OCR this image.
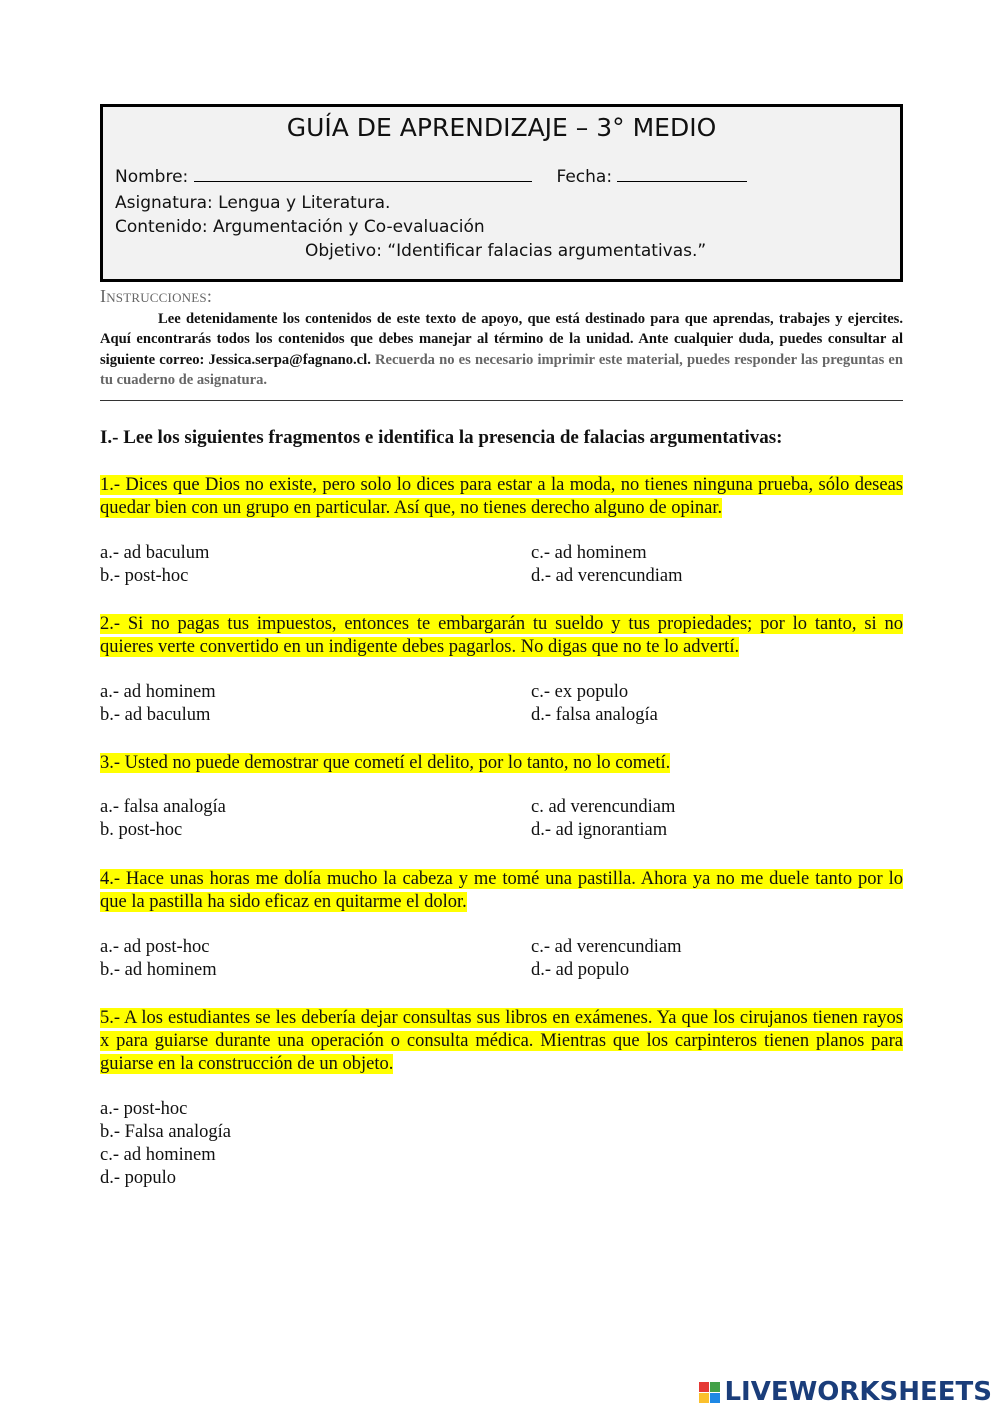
GUÍA DE APRENDIZAJE – 3° MEDIO
Nombre:	Fecha:
Asignatura: Lengua y Literatura.
Contenido: Argumentación y Co-evaluación
Objetivo: “Identificar falacias argumentativas.”
Instrucciones:
Lee detenidamente los contenidos de este texto de apoyo, que está destinado para que aprendas, trabajes y ejercites. Aquí encontrarás todos los contenidos que debes manejar al término de la unidad. Ante cualquier duda, puedes consultar al siguiente correo: Jessica.serpa@fagnano.cl. Recuerda no es necesario imprimir este material, puedes responder las preguntas en tu cuaderno de asignatura.
I.- Lee los siguientes fragmentos e identifica la presencia de falacias argumentativas:
1.- Dices que Dios no existe, pero solo lo dices para estar a la moda, no tienes ninguna prueba, sólo deseas quedar bien con un grupo en particular. Así que, no tienes derecho alguno de opinar.
a.- ad baculum
b.- post-hoc
c.- ad hominem
d.- ad verencundiam
2.- Si no pagas tus impuestos, entonces te embargarán tu sueldo y tus propiedades; por lo tanto, si no quieres verte convertido en un indigente debes pagarlos. No digas que no te lo advertí.
a.- ad hominem
b.- ad baculum
c.- ex populo
d.- falsa analogía
3.- Usted no puede demostrar que cometí el delito, por lo tanto, no lo cometí.
a.- falsa analogía
b. post-hoc
c. ad verencundiam
d.- ad ignorantiam
4.- Hace unas horas me dolía mucho la cabeza y me tomé una pastilla. Ahora ya no me duele tanto por lo que la pastilla ha sido eficaz en quitarme el dolor.
a.- ad post-hoc
b.- ad hominem
c.- ad verencundiam
d.- ad populo
5.- A los estudiantes se les debería dejar consultas sus libros en exámenes. Ya que los cirujanos tienen rayos x para guiarse durante una operación o consulta médica. Mientras que los carpinteros tienen planos para guiarse en la construcción de un objeto.
a.- post-hoc
b.- Falsa analogía
c.- ad hominem
d.- populo
LIVEWORKSHEETS
